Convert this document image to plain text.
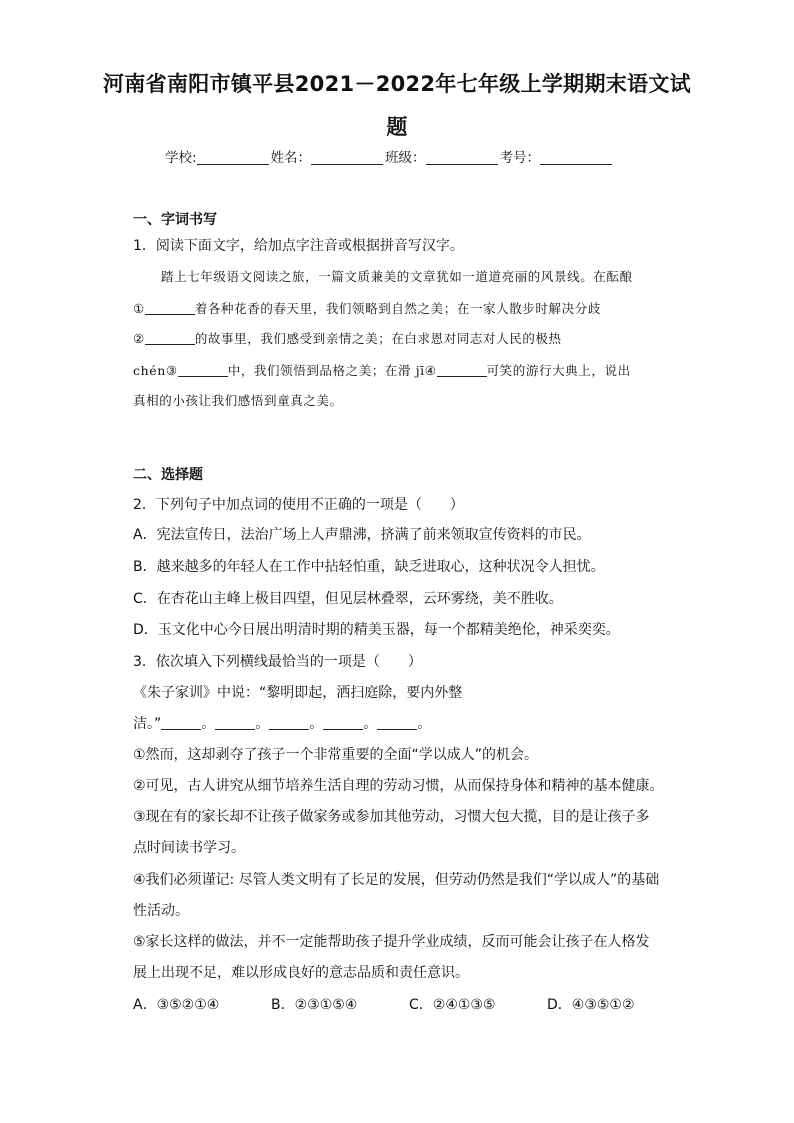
河南省南阳市镇平县2021－2022年七年级上学期期末语文试
题
学校:	姓名：	班级：	考号：
一、字词书写
1．阅读下面文字，给加点字注音或根据拼音写汉字。
踏上七年级语文阅读之旅，一篇文质兼美的文章犹如一道道亮丽的风景线。在酝酿
①	着各种花香的春天里，我们领略到自然之美；在一家人散步时解决分歧
②	的故事里，我们感受到亲情之美；在白求恩对同志对人民的极热
chén③	中，我们领悟到品格之美；在滑 jī④	可笑的游行大典上，说出
真相的小孩让我们感悟到童真之美。
二、选择题
2．下列句子中加点词的使用不正确的一项是（　　）
A．宪法宣传日，法治广场上人声鼎沸，挤满了前来领取宣传资料的市民。
B．越来越多的年轻人在工作中拈轻怕重，缺乏进取心，这种状况令人担忧。
C．在杏花山主峰上极目四望，但见层林叠翠，云环雾绕，美不胜收。
D．玉文化中心今日展出明清时期的精美玉器，每一个都精美绝伦，神采奕奕。
3．依次填入下列横线最恰当的一项是（　　）
《朱子家训》中说：“黎明即起，洒扫庭除，要内外整
洁。”	。	。	。	。	。
①然而，这却剥夺了孩子一个非常重要的全面“学以成人”的机会。
②可见，古人讲究从细节培养生活自理的劳动习惯，从而保持身体和精神的基本健康。
③现在有的家长却不让孩子做家务或参加其他劳动，习惯大包大揽，目的是让孩子多
点时间读书学习。
④我们必须谨记: 尽管人类文明有了长足的发展，但劳动仍然是我们“学以成人”的基础
性活动。
⑤家长这样的做法，并不一定能帮助孩子提升学业成绩，反而可能会让孩子在人格发
展上出现不足，难以形成良好的意志品质和责任意识。
A．③⑤②①④	B．②③①⑤④	C．②④①③⑤	D．④③⑤①②
